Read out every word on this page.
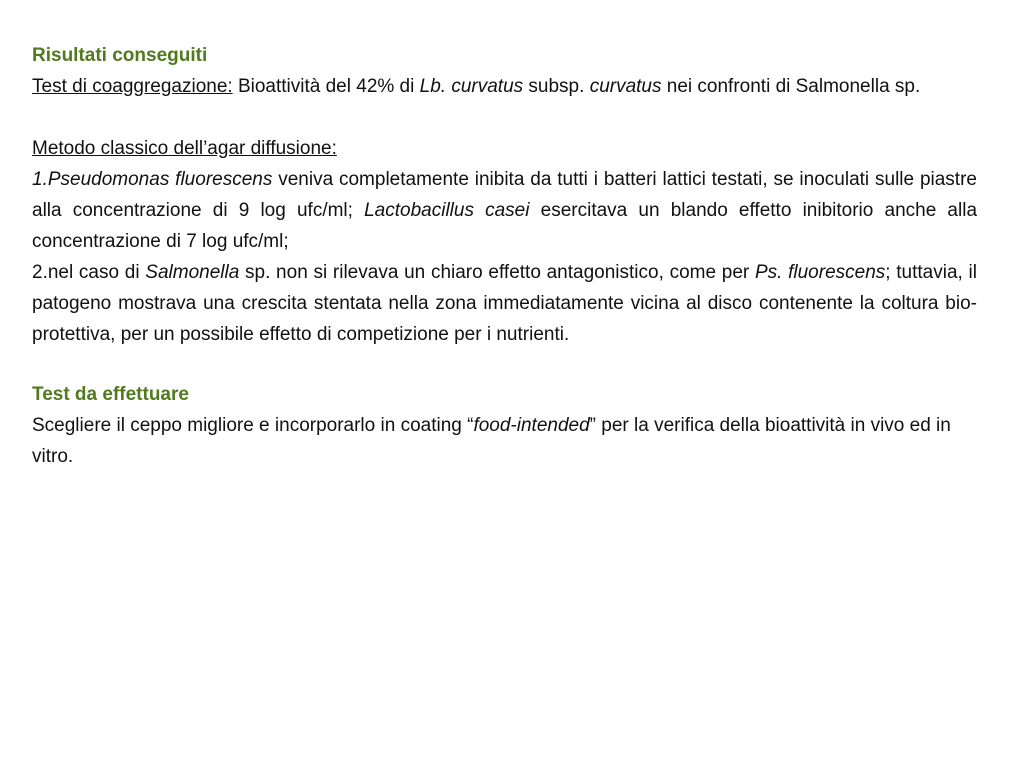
Risultati conseguiti

Test di coaggregazione: Bioattività del 42% di Lb. curvatus subsp. curvatus nei confronti di Salmonella sp.

Metodo classico dell’agar diffusione:

1.Pseudomonas fluorescens veniva completamente inibita da tutti i batteri lattici testati, se inoculati sulle piastre alla concentrazione di 9 log ufc/ml; Lactobacillus casei esercitava un blando effetto inibitorio anche alla concentrazione di 7 log ufc/ml;

2.nel caso di Salmonella sp. non si rilevava un chiaro effetto antagonistico, come per Ps. fluorescens; tuttavia, il patogeno mostrava una crescita stentata nella zona immediatamente vicina al disco contenente la coltura bio-protettiva, per un possibile effetto di competizione per i nutrienti.

Test da effettuare

Scegliere il ceppo migliore e incorporarlo in coating “food-intended” per la verifica della bioattività in vivo ed in vitro.
